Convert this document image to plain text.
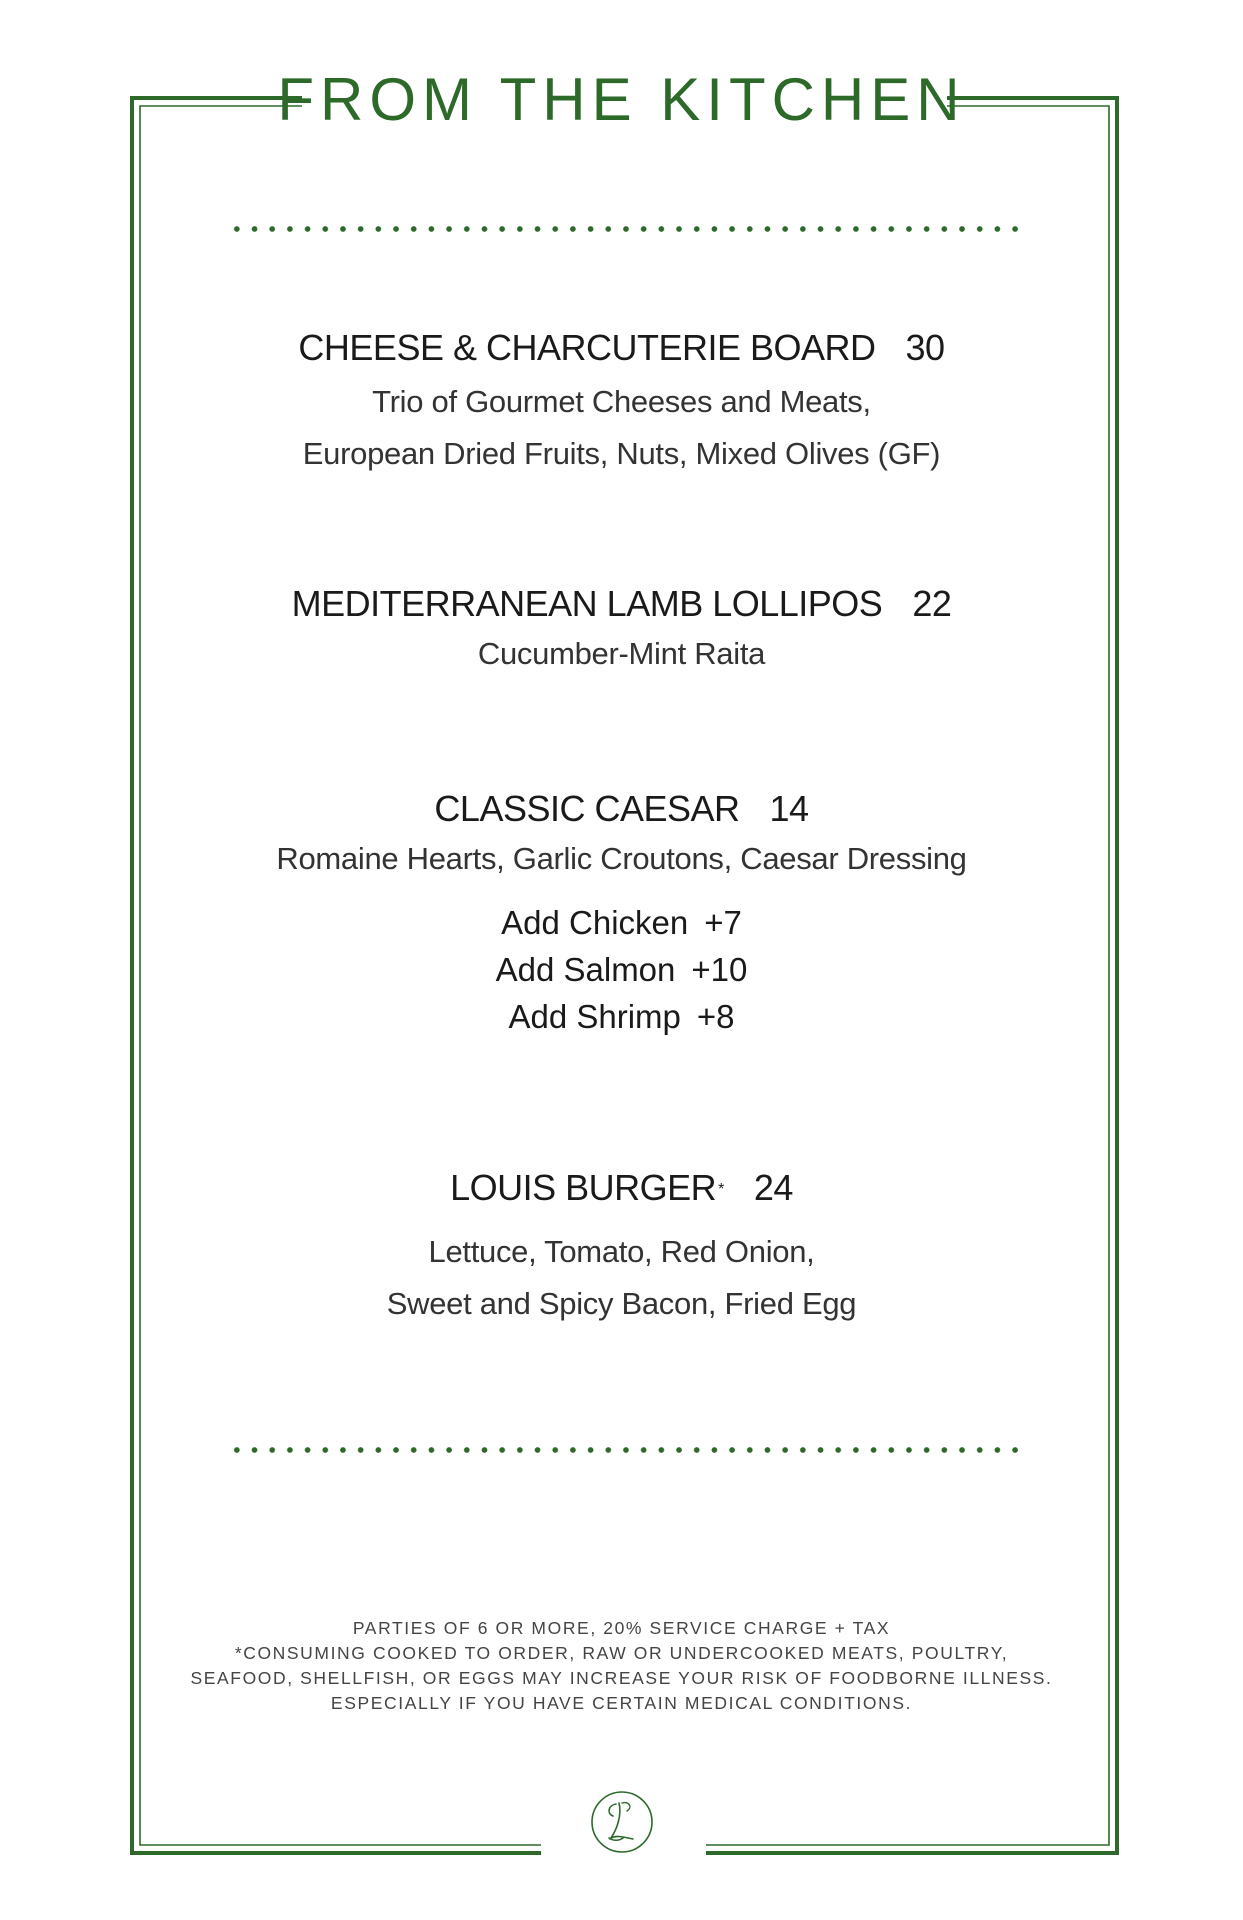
FROM THE KITCHEN
CHEESE & CHARCUTERIE BOARD 30
Trio of Gourmet Cheeses and Meats,
European Dried Fruits, Nuts, Mixed Olives (GF)
MEDITERRANEAN LAMB LOLLIPOS 22
Cucumber-Mint Raita
CLASSIC CAESAR 14
Romaine Hearts, Garlic Croutons, Caesar Dressing
Add Chicken +7
Add Salmon +10
Add Shrimp +8
LOUIS BURGER * 24
Lettuce, Tomato, Red Onion,
Sweet and Spicy Bacon, Fried Egg
PARTIES OF 6 OR MORE, 20% SERVICE CHARGE + TAX
*CONSUMING COOKED TO ORDER, RAW OR UNDERCOOKED MEATS, POULTRY,
SEAFOOD, SHELLFISH, OR EGGS MAY INCREASE YOUR RISK OF FOODBORNE ILLNESS.
ESPECIALLY IF YOU HAVE CERTAIN MEDICAL CONDITIONS.
